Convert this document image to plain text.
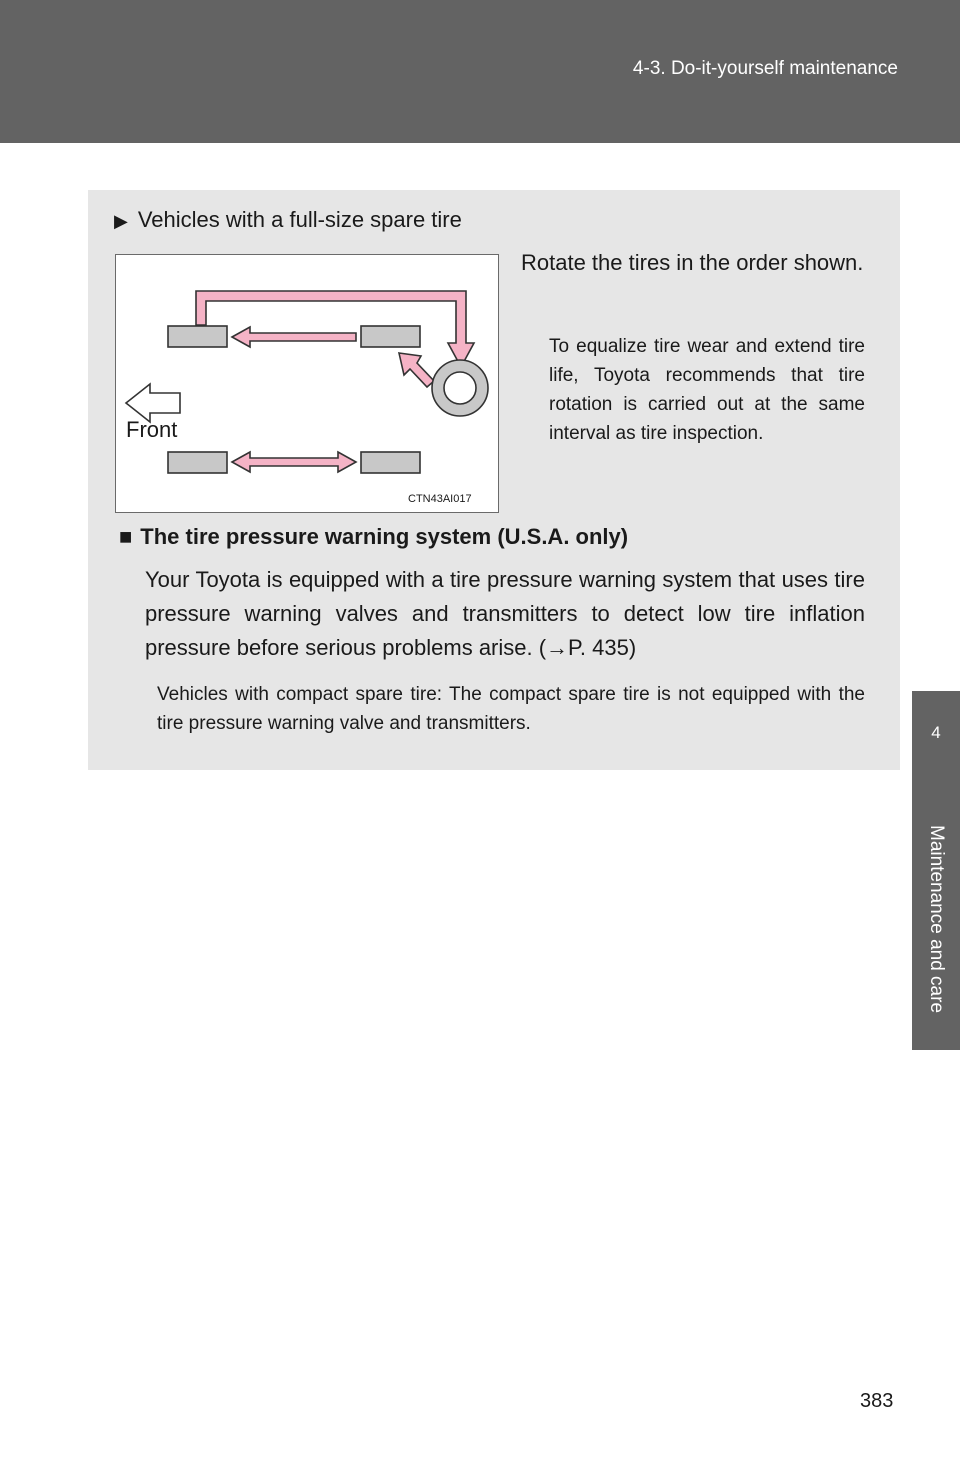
4-3. Do-it-yourself maintenance
4
Maintenance and care
▶ Vehicles with a full-size spare tire
Front
CTN43AI017
Rotate the tires in the order shown.
To equalize tire wear and extend tire life, Toyota recommends that tire rotation is carried out at the same interval as tire inspection.
■ The tire pressure warning system (U.S.A. only)
Your Toyota is equipped with a tire pressure warning system that uses tire pressure warning valves and transmitters to detect low tire inflation pressure before serious problems arise. (→P. 435)
Vehicles with compact spare tire: The compact spare tire is not equipped with the tire pressure warning valve and transmitters.
383
